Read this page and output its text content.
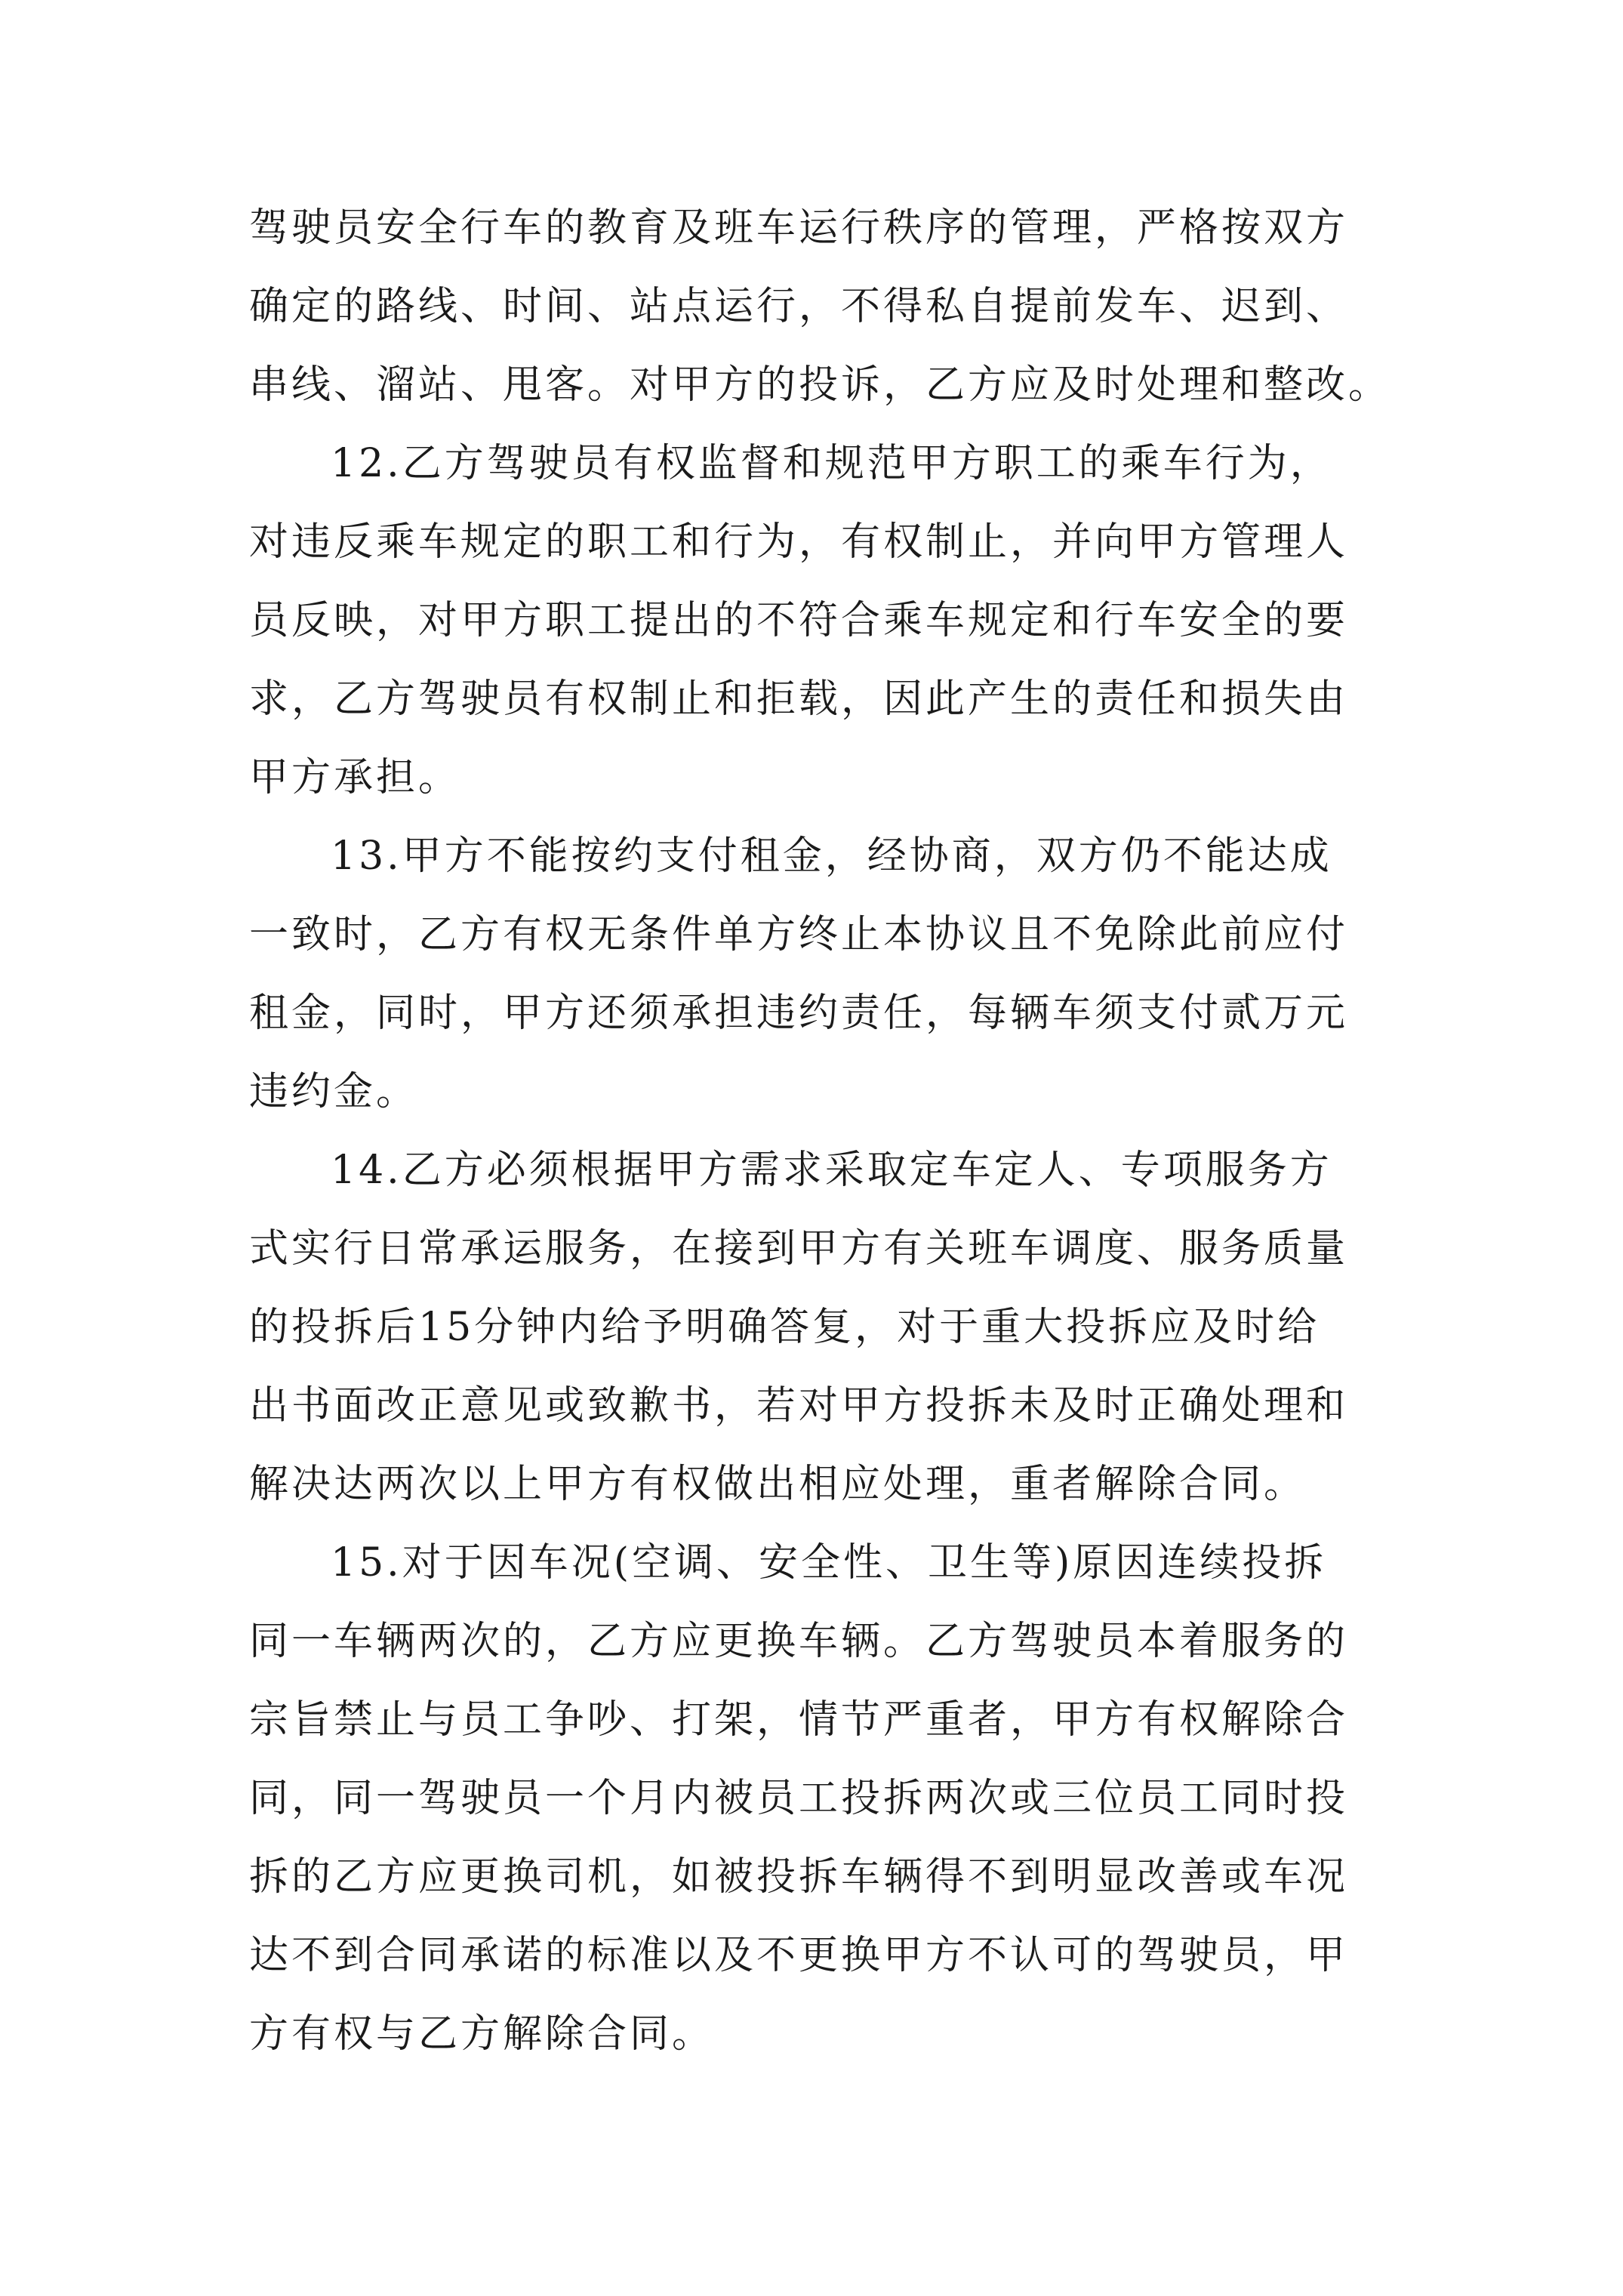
驾驶员安全行车的教育及班车运行秩序的管理，严格按双方
确定的路线、时间、站点运行，不得私自提前发车、迟到、
串线、溜站、甩客。对甲方的投诉，乙方应及时处理和整改。
12.乙方驾驶员有权监督和规范甲方职工的乘车行为，
对违反乘车规定的职工和行为，有权制止，并向甲方管理人
员反映，对甲方职工提出的不符合乘车规定和行车安全的要
求，乙方驾驶员有权制止和拒载，因此产生的责任和损失由
甲方承担。
13.甲方不能按约支付租金，经协商，双方仍不能达成
一致时，乙方有权无条件单方终止本协议且不免除此前应付
租金，同时，甲方还须承担违约责任，每辆车须支付贰万元
违约金。
14.乙方必须根据甲方需求采取定车定人、专项服务方
式实行日常承运服务，在接到甲方有关班车调度、服务质量
的投拆后15分钟内给予明确答复，对于重大投拆应及时给
出书面改正意见或致歉书，若对甲方投拆未及时正确处理和
解决达两次以上甲方有权做出相应处理，重者解除合同。
15.对于因车况(空调、安全性、卫生等)原因连续投拆
同一车辆两次的，乙方应更换车辆。乙方驾驶员本着服务的
宗旨禁止与员工争吵、打架，情节严重者，甲方有权解除合
同，同一驾驶员一个月内被员工投拆两次或三位员工同时投
拆的乙方应更换司机，如被投拆车辆得不到明显改善或车况
达不到合同承诺的标准以及不更换甲方不认可的驾驶员，甲
方有权与乙方解除合同。
